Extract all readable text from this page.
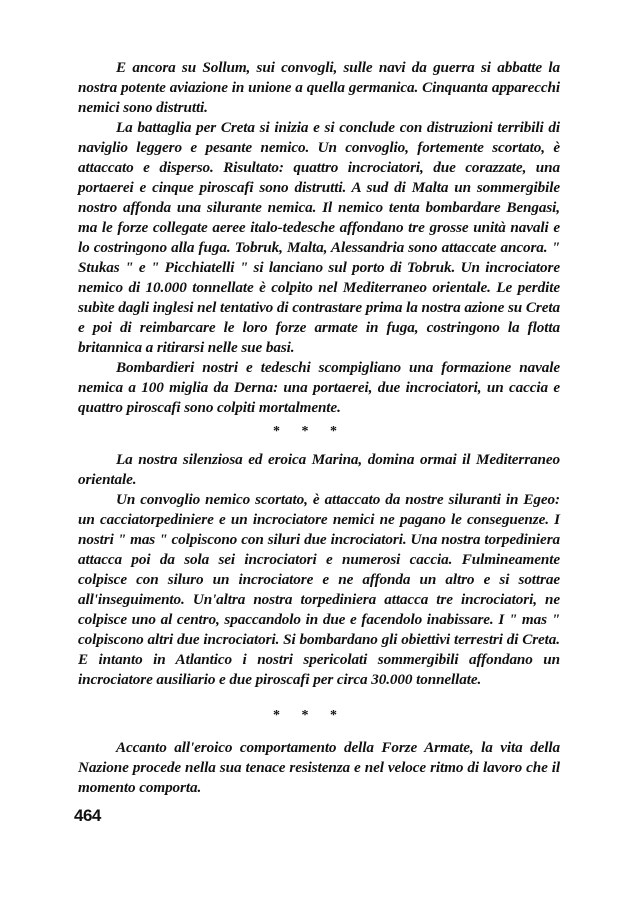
E ancora su Sollum, sui convogli, sulle navi da guerra si abbatte la nostra potente aviazione in unione a quella germanica. Cinquanta apparecchi nemici sono distrutti.

La battaglia per Creta si inizia e si conclude con distruzioni terribili di naviglio leggero e pesante nemico. Un convoglio, fortemente scortato, è attaccato e disperso. Risultato: quattro incrociatori, due corazzate, una portaerei e cinque piroscafi sono distrutti. A sud di Malta un sommergibile nostro affonda una silurante nemica. Il nemico tenta bombardare Bengasi, ma le forze collegate aeree italo-tedesche affondano tre grosse unità navali e lo costringono alla fuga. Tobruk, Malta, Alessandria sono attaccate ancora. " Stukas " e " Picchiatelli " si lanciano sul porto di Tobruk. Un incrociatore nemico di 10.000 tonnellate è colpito nel Mediterraneo orientale. Le perdite subìte dagli inglesi nel tentativo di contrastare prima la nostra azione su Creta e poi di reimbarcare le loro forze armate in fuga, costringono la flotta britannica a ritirarsi nelle sue basi.

Bombardieri nostri e tedeschi scompigliano una formazione navale nemica a 100 miglia da Derna: una portaerei, due incrociatori, un caccia e quattro piroscafi sono colpiti mortalmente.

* * *

La nostra silenziosa ed eroica Marina, domina ormai il Mediterraneo orientale.

Un convoglio nemico scortato, è attaccato da nostre siluranti in Egeo: un cacciatorpediniere e un incrociatore nemici ne pagano le conseguenze. I nostri " mas " colpiscono con siluri due incrociatori. Una nostra torpediniera attacca poi da sola sei incrociatori e numerosi caccia. Fulmineamente colpisce con siluro un incrociatore e ne affonda un altro e si sottrae all'inseguimento. Un'altra nostra torpediniera attacca tre incrociatori, ne colpisce uno al centro, spaccandolo in due e facendolo inabissare. I " mas " colpiscono altri due incrociatori. Si bombardano gli obiettivi terrestri di Creta. E intanto in Atlantico i nostri spericolati sommergibili affondano un incrociatore ausiliario e due piroscafi per circa 30.000 tonnellate.

* * *

Accanto all'eroico comportamento della Forze Armate, la vita della Nazione procede nella sua tenace resistenza e nel veloce ritmo di lavoro che il momento comporta.

464
